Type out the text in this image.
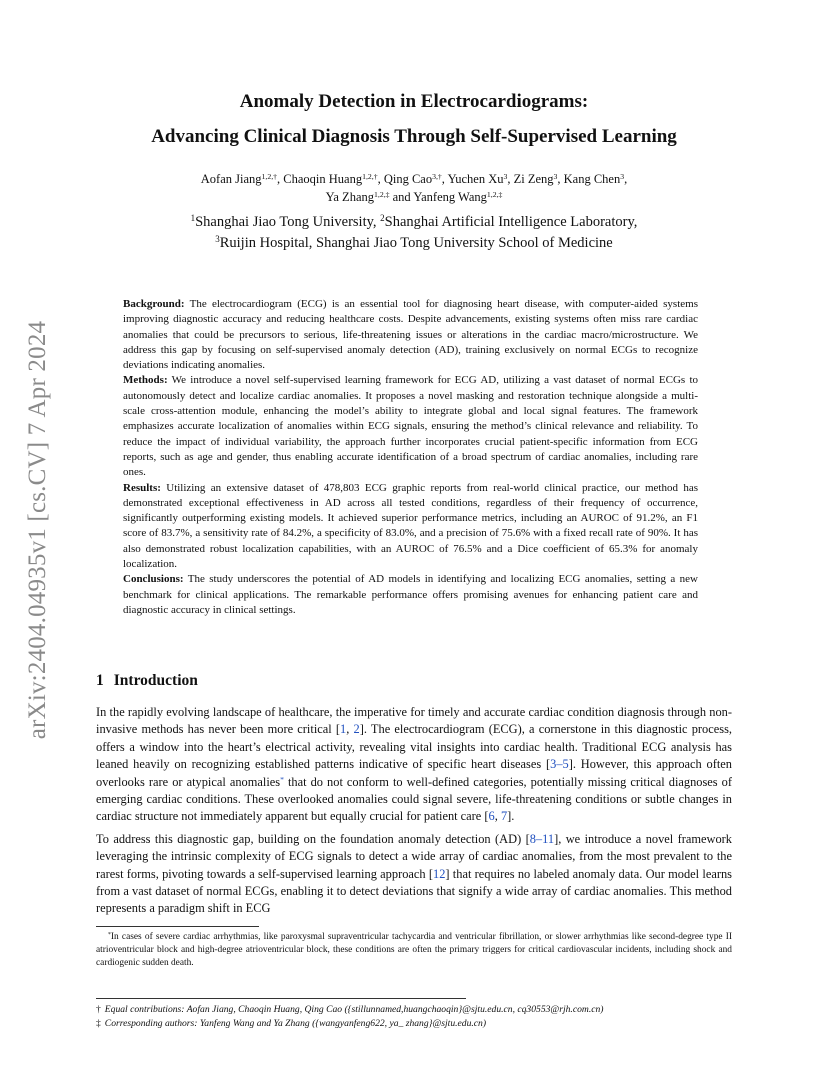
arXiv:2404.04935v1 [cs.CV] 7 Apr 2024
Anomaly Detection in Electrocardiograms:
Advancing Clinical Diagnosis Through Self-Supervised Learning
Aofan Jiang$^{1,2,\dagger}$, Chaoqin Huang$^{1,2,\dagger}$, Qing Cao$^{3,\dagger}$, Yuchen Xu$^3$, Zi Zeng$^3$, Kang Chen$^3$,
Ya Zhang$^{1,2,\ddagger}$ and Yanfeng Wang$^{1,2,\ddagger}$
$^1$Shanghai Jiao Tong University, $^2$Shanghai Artificial Intelligence Laboratory,
$^3$Ruijin Hospital, Shanghai Jiao Tong University School of Medicine

Background: The electrocardiogram (ECG) is an essential tool for diagnosing heart disease, with computer-aided systems improving diagnostic accuracy and reducing healthcare costs. Despite advancements, existing systems often miss rare cardiac anomalies that could be precursors to serious, life-threatening issues or alterations in the cardiac macro/microstructure. We address this gap by focusing on self-supervised anomaly detection (AD), training exclusively on normal ECGs to recognize deviations indicating anomalies.

Methods: We introduce a novel self-supervised learning framework for ECG AD, utilizing a vast dataset of normal ECGs to autonomously detect and localize cardiac anomalies. It proposes a novel masking and restoration technique alongside a multi-scale cross-attention module, enhancing the model’s ability to integrate global and local signal features. The framework emphasizes accurate localization of anomalies within ECG signals, ensuring the method’s clinical relevance and reliability. To reduce the impact of individual variability, the approach further incorporates crucial patient-specific information from ECG reports, such as age and gender, thus enabling accurate identification of a broad spectrum of cardiac anomalies, including rare ones.

Results: Utilizing an extensive dataset of 478,803 ECG graphic reports from real-world clinical practice, our method has demonstrated exceptional effectiveness in AD across all tested conditions, regardless of their frequency of occurrence, significantly outperforming existing models. It achieved superior performance metrics, including an AUROC of 91.2%, an F1 score of 83.7%, a sensitivity rate of 84.2%, a specificity of 83.0%, and a precision of 75.6% with a fixed recall rate of 90%. It has also demonstrated robust localization capabilities, with an AUROC of 76.5% and a Dice coefficient of 65.3% for anomaly localization.

Conclusions: The study underscores the potential of AD models in identifying and localizing ECG anomalies, setting a new benchmark for clinical applications. The remarkable performance offers promising avenues for enhancing patient care and diagnostic accuracy in clinical settings.

1 Introduction

In the rapidly evolving landscape of healthcare, the imperative for timely and accurate cardiac condition diagnosis through non-invasive methods has never been more critical [1, 2]. The electrocardiogram (ECG), a cornerstone in this diagnostic process, offers a window into the heart’s electrical activity, revealing vital insights into cardiac health. Traditional ECG analysis has leaned heavily on recognizing established patterns indicative of specific heart diseases [3–5]. However, this approach often overlooks rare or atypical anomalies* that do not conform to well-defined categories, potentially missing critical diagnoses of emerging cardiac conditions. These overlooked anomalies could signal severe, life-threatening conditions or subtle changes in cardiac structure not immediately apparent but equally crucial for patient care [6, 7].

To address this diagnostic gap, building on the foundation anomaly detection (AD) [8–11], we introduce a novel framework leveraging the intrinsic complexity of ECG signals to detect a wide array of cardiac anomalies, from the most prevalent to the rarest forms, pivoting towards a self-supervised learning approach [12] that requires no labeled anomaly data. Our model learns from a vast dataset of normal ECGs, enabling it to detect deviations that signify a wide array of cardiac anomalies. This method represents a paradigm shift in ECG

*In cases of severe cardiac arrhythmias, like paroxysmal supraventricular tachycardia and ventricular fibrillation, or slower arrhythmias like second-degree type II atrioventricular block and high-degree atrioventricular block, these conditions are often the primary triggers for critical cardiovascular incidents, including shock and cardiogenic sudden death.

† Equal contributions: Aofan Jiang, Chaoqin Huang, Qing Cao ({stillunnamed,huangchaoqin}@sjtu.edu.cn, cq30553@rjh.com.cn)

‡ Corresponding authors: Yanfeng Wang and Ya Zhang ({wangyanfeng622, ya_ zhang}@sjtu.edu.cn)
